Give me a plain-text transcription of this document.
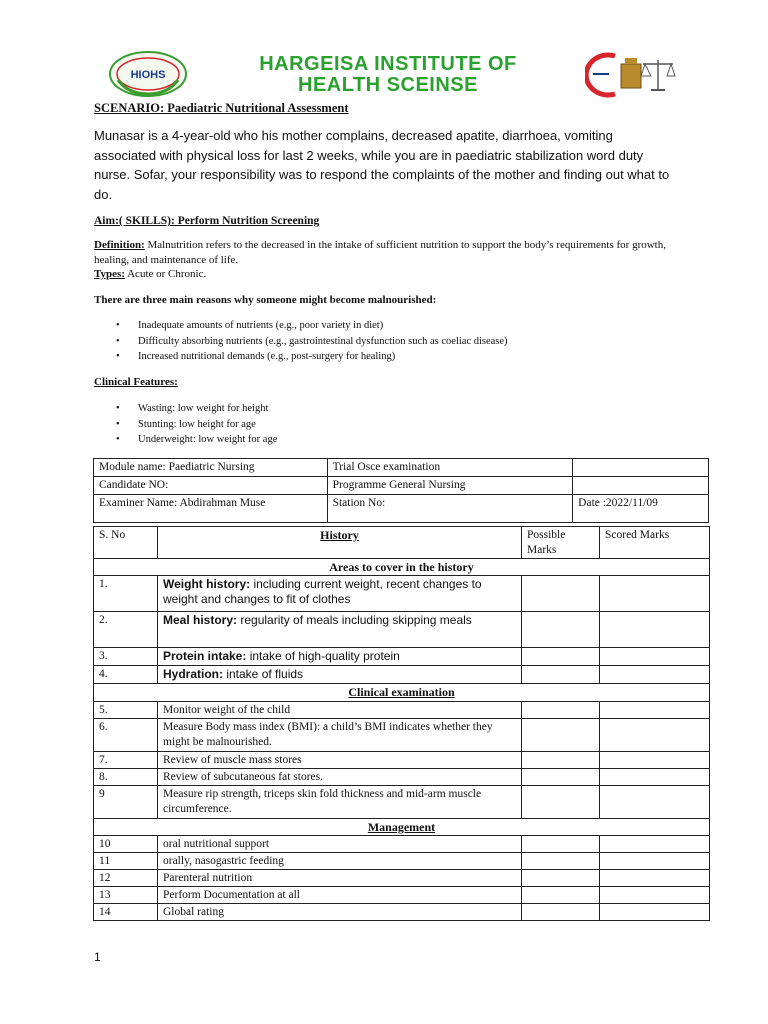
HIOHS	HARGEISA INSTITUTE OF
HEALTH SCEINSE
SCENARIO: Paediatric Nutritional Assessment

Munasar is a 4-year-old who his mother complains, decreased apatite, diarrhoea, vomiting associated with physical loss for last 2 weeks, while you are in paediatric stabilization word duty nurse. Sofar, your responsibility was to respond the complaints of the mother and finding out what to do.

Aim:( SKILLS): Perform Nutrition Screening

Definition: Malnutrition refers to the decreased in the intake of sufficient nutrition to support the body’s requirements for growth, healing, and maintenance of life.

Types: Acute or Chronic.

There are three main reasons why someone might become malnourished:
• Inadequate amounts of nutrients (e.g., poor variety in diet)
• Difficulty absorbing nutrients (e.g., gastrointestinal dysfunction such as coeliac disease)
• Increased nutritional demands (e.g., post-surgery for healing)
Clinical Features:
• Wasting: low weight for height
• Stunting: low height for age
• Underweight: low weight for age
Module name: Paediatric Nursing	Trial Osce examination	
Candidate NO:	Programme General Nursing	
Examiner Name: Abdirahman Muse	Station No:	Date :2022/11/09
S. No	History	Possible Marks	Scored Marks
Areas to cover in the history			
1.	Weight history: including current weight, recent changes to weight and changes to fit of clothes		
2.	Meal history: regularity of meals including skipping meals		
3.	Protein intake: intake of high-quality protein		
4.	Hydration: intake of fluids		
Clinical examination			
5.	Monitor weight of the child		
6.	Measure Body mass index (BMI): a child’s BMI indicates whether they might be malnourished.		
7.	Review of muscle mass stores		
8.	Review of subcutaneous fat stores.		
9	Measure rip strength, triceps skin fold thickness and mid-arm muscle circumference.		
Management			
10	oral nutritional support		
11	orally, nasogastric feeding		
12	Parenteral nutrition		
13	Perform Documentation at all		
14	Global rating		
1
